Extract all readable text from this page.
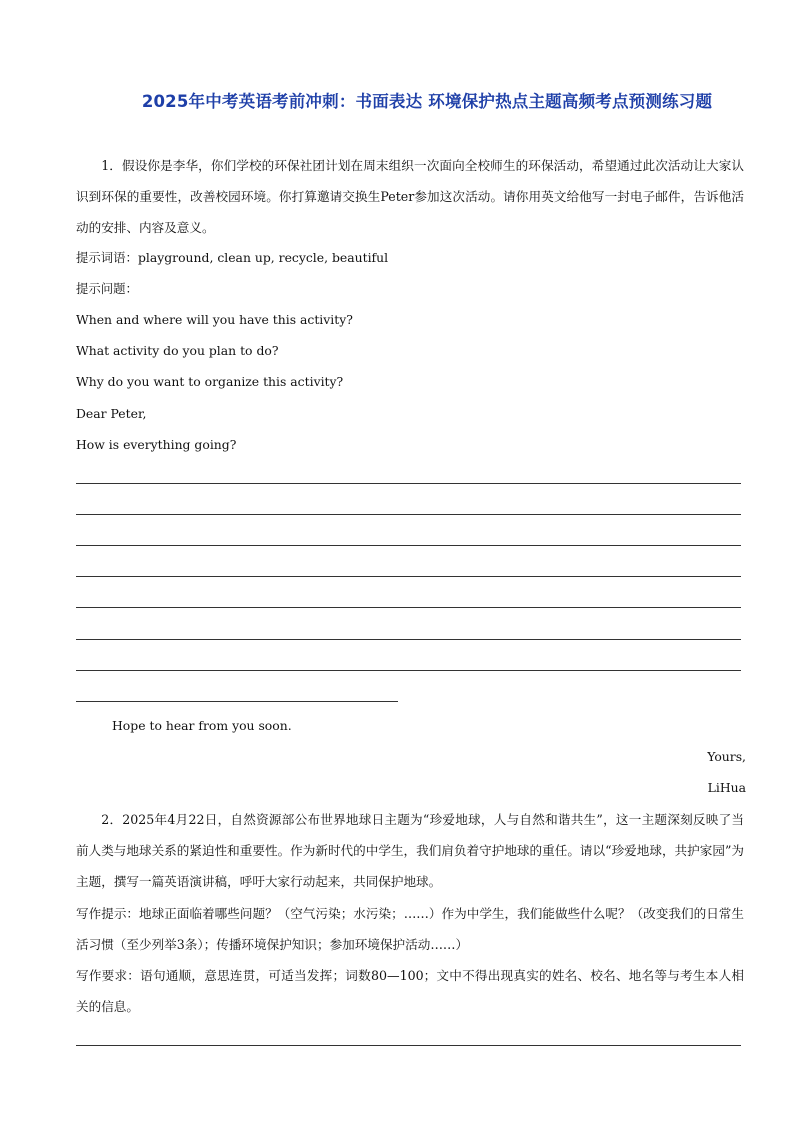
2025年中考英语考前冲刺：书面表达 环境保护热点主题高频考点预测练习题
1．假设你是李华，你们学校的环保社团计划在周末组织一次面向全校师生的环保活动，希望通过此次活动让大家认识到环保的重要性，改善校园环境。你打算邀请交换生Peter参加这次活动。请你用英文给他写一封电子邮件，告诉他活动的安排、内容及意义。
提示词语：playground, clean up, recycle, beautiful
提示问题：
When and where will you have this activity?
What activity do you plan to do?
Why do you want to organize this activity?
Dear Peter,
How is everything going?
Hope to hear from you soon.
Yours,
LiHua
2．2025年4月22日，自然资源部公布世界地球日主题为“珍爱地球，人与自然和谐共生”，这一主题深刻反映了当前人类与地球关系的紧迫性和重要性。作为新时代的中学生，我们肩负着守护地球的重任。请以“珍爱地球，共护家园”为主题，撰写一篇英语演讲稿，呼吁大家行动起来，共同保护地球。
写作提示：地球正面临着哪些问题？（空气污染；水污染；……）作为中学生，我们能做些什么呢？（改变我们的日常生活习惯（至少列举3条）；传播环境保护知识；参加环境保护活动……）
写作要求：语句通顺，意思连贯，可适当发挥；词数80—100；文中不得出现真实的姓名、校名、地名等与考生本人相关的信息。
